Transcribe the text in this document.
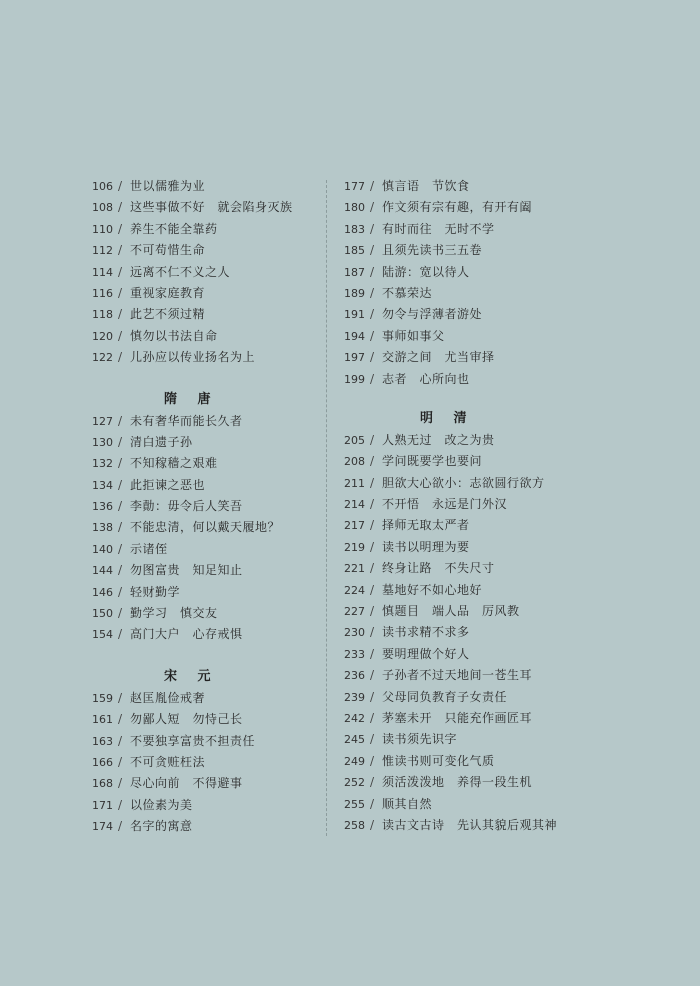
106 / 世以儒雅为业
108 / 这些事做不好　就会陷身灭族
110 / 养生不能全靠药
112 / 不可苟惜生命
114 / 远离不仁不义之人
116 / 重视家庭教育
118 / 此艺不须过精
120 / 慎勿以书法自命
122 / 儿孙应以传业扬名为上
隋 唐
127 / 未有奢华而能长久者
130 / 清白遗子孙
132 / 不知稼穑之艰难
134 / 此拒谏之恶也
136 / 李勣：毋令后人笑吾
138 / 不能忠清，何以戴天履地？
140 / 示诸侄
144 / 勿图富贵　知足知止
146 / 轻财勤学
150 / 勤学习　慎交友
154 / 高门大户　心存戒惧
宋 元
159 / 赵匡胤俭戒奢
161 / 勿鄙人短　勿恃己长
163 / 不要独享富贵不担责任
166 / 不可贪赃枉法
168 / 尽心向前　不得避事
171 / 以俭素为美
174 / 名字的寓意
177 / 慎言语　节饮食
180 / 作文须有宗有趣，有开有阖
183 / 有时而往　无时不学
185 / 且须先读书三五卷
187 / 陆游：宽以待人
189 / 不慕荣达
191 / 勿令与浮薄者游处
194 / 事师如事父
197 / 交游之间　尤当审择
199 / 志者　心所向也
明 清
205 / 人熟无过　改之为贵
208 / 学问既要学也要问
211 / 胆欲大心欲小：志欲圆行欲方
214 / 不开悟　永远是门外汉
217 / 择师无取太严者
219 / 读书以明理为要
221 / 终身让路　不失尺寸
224 / 墓地好不如心地好
227 / 慎题目　端人品　厉风教
230 / 读书求精不求多
233 / 要明理做个好人
236 / 子孙者不过天地间一苍生耳
239 / 父母同负教育子女责任
242 / 茅塞未开　只能充作画匠耳
245 / 读书须先识字
249 / 惟读书则可变化气质
252 / 须活泼泼地　养得一段生机
255 / 顺其自然
258 / 读古文古诗　先认其貌后观其神
